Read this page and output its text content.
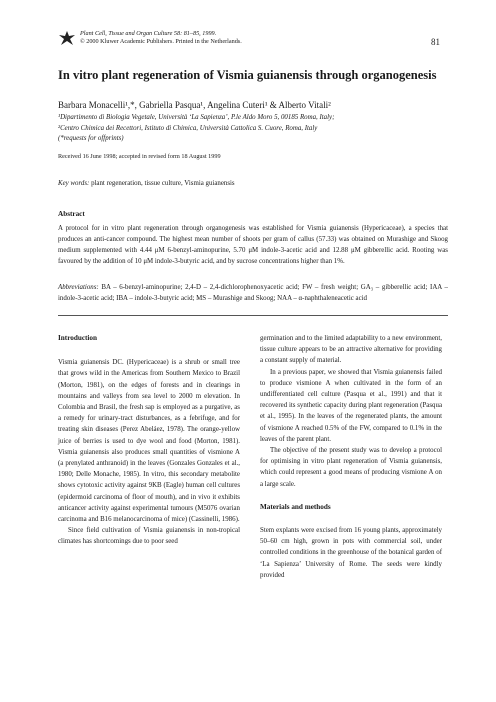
Plant Cell, Tissue and Organ Culture 58: 81–85, 1999.
© 2000 Kluwer Academic Publishers. Printed in the Netherlands.	81
In vitro plant regeneration of Vismia guianensis through organogenesis
Barbara Monacelli¹,*, Gabriella Pasqua¹, Angelina Cuteri¹ & Alberto Vitali²
¹Dipartimento di Biologia Vegetale, Università ‘La Sapienza’, P.le Aldo Moro 5, 00185 Roma, Italy;
²Centro Chimica dei Recettori, Istituto di Chimica, Università Cattolica S. Cuore, Roma, Italy
(*requests for offprints)
Received 16 June 1998; accepted in revised form 18 August 1999
Key words: plant regeneration, tissue culture, Vismia guianensis
Abstract
A protocol for in vitro plant regeneration through organogenesis was established for Vismia guianensis (Hypericaceae), a species that produces an anti-cancer compound. The highest mean number of shoots per gram of callus (57.33) was obtained on Murashige and Skoog medium supplemented with 4.44 μM 6-benzyl-aminopurine, 5.70 μM indole-3-acetic acid and 12.88 μM gibberellic acid. Rooting was favoured by the addition of 10 μM indole-3-butyric acid, and by sucrose concentrations higher than 1%.
Abbreviations: BA – 6-benzyl-aminopurine; 2,4-D – 2,4-dichlorophenoxyacetic acid; FW – fresh weight; GA₃ – gibberellic acid; IAA – indole-3-acetic acid; IBA – indole-3-butyric acid; MS – Murashige and Skoog; NAA – α-naphthaleneacetic acid

Introduction

Vismia guianensis DC. (Hypericaceae) is a shrub or small tree that grows wild in the Americas from Southern Mexico to Brazil (Morton, 1981), on the edges of forests and in clearings in mountains and valleys from sea level to 2000 m elevation. In Colombia and Brasil, the fresh sap is employed as a purgative, as a remedy for urinary-tract disturbances, as a febrifuge, and for treating skin diseases (Perez Abeláez, 1978). The orange-yellow juice of berries is used to dye wool and food (Morton, 1981). Vismia guianensis also produces small quantities of vismione A (a prenylated anthranoid) in the leaves (Gonzales Gonzales et al., 1980; Delle Monache, 1985). In vitro, this secondary metabolite shows cytotoxic activity against 9KB (Eagle) human cell cultures (epidermoid carcinoma of floor of mouth), and in vivo it exhibits anticancer activity against experimental tumours (M5076 ovarian carcinoma and B16 melanocarcinoma of mice) (Cassinelli, 1986).

Since field cultivation of Vismia guianensis in non-tropical climates has shortcomings due to poor seed

germination and to the limited adaptability to a new environment, tissue culture appears to be an attractive alternative for providing a constant supply of material.

In a previous paper, we showed that Vismia guianensis failed to produce vismione A when cultivated in the form of an undifferentiated cell culture (Pasqua et al., 1991) and that it recovered its synthetic capacity during plant regeneration (Pasqua et al., 1995). In the leaves of the regenerated plants, the amount of vismione A reached 0.5% of the FW, compared to 0.1% in the leaves of the parent plant.

The objective of the present study was to develop a protocol for optimising in vitro plant regeneration of Vismia guianensis, which could represent a good means of producing vismione A on a large scale.

Materials and methods

Stem explants were excised from 16 young plants, approximately 50–60 cm high, grown in pots with commercial soil, under controlled conditions in the greenhouse of the botanical garden of ‘La Sapienza’ University of Rome. The seeds were kindly provided
